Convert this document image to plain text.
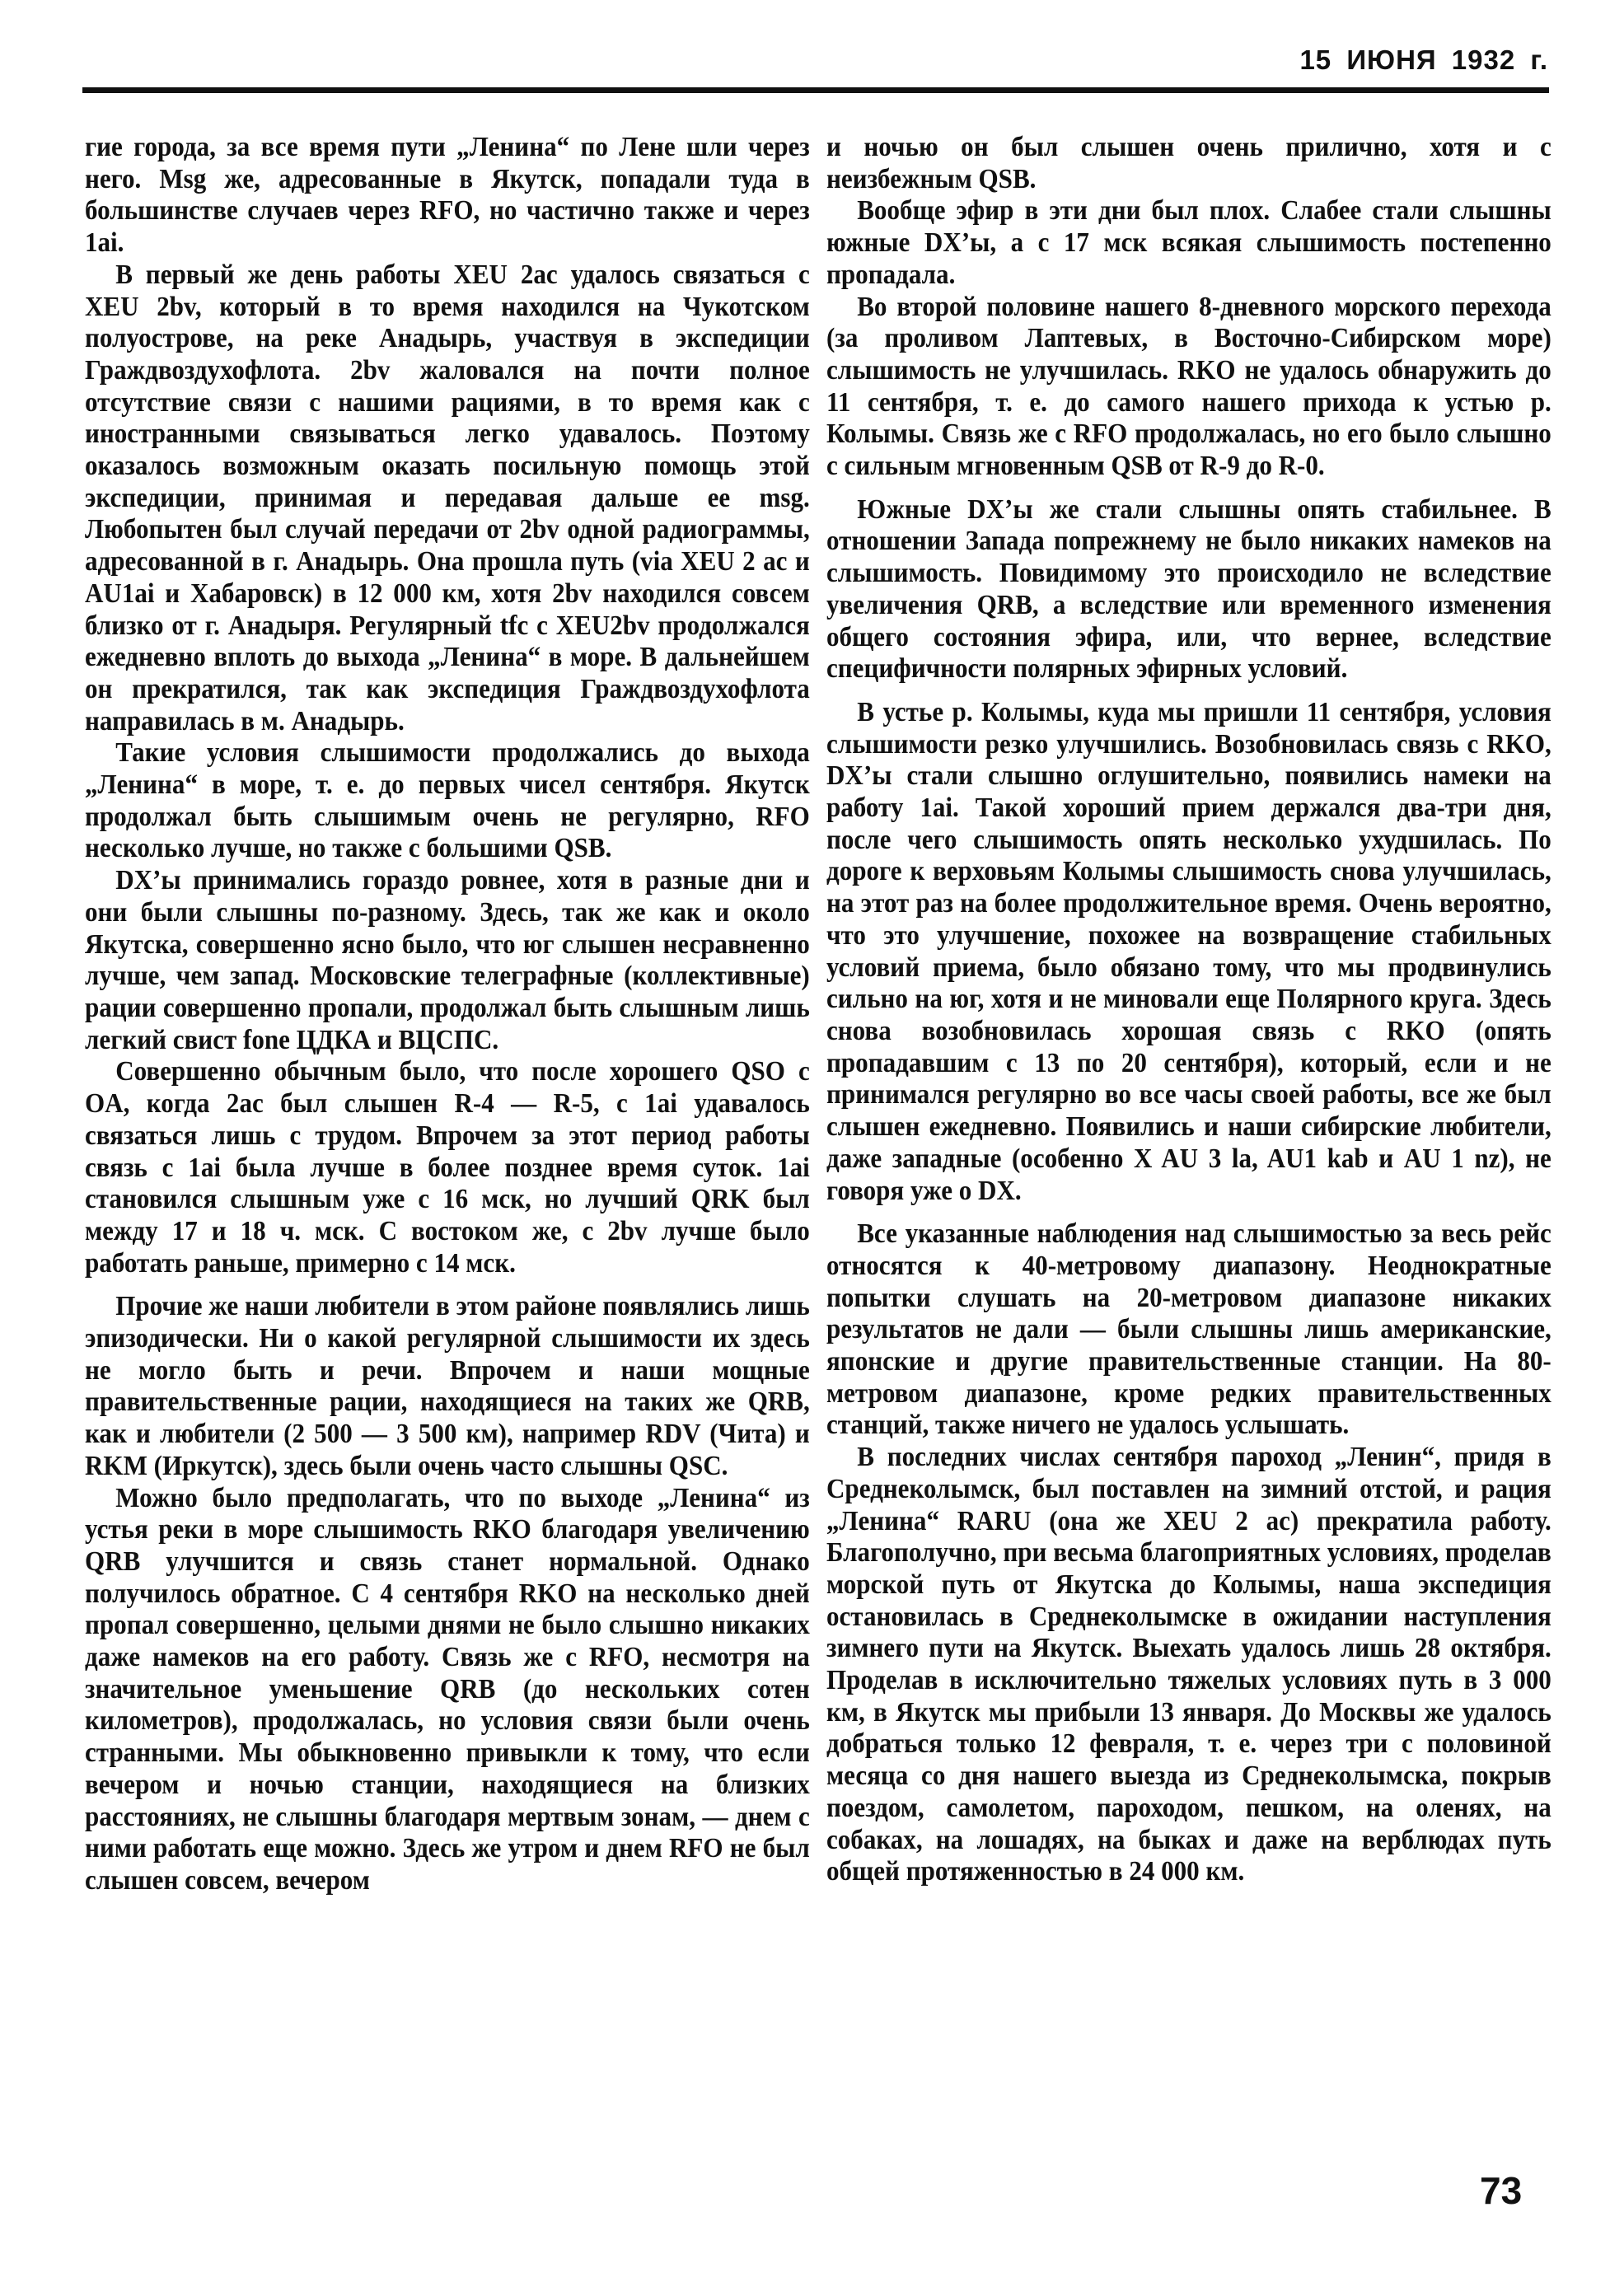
15 ИЮНЯ 1932 г.

гие города, за все время пути „Ленина“ по Лене шли через него. Msg же, адресованные в Якутск, попадали туда в большинстве случаев через RFO, но частично также и через 1ai.

В первый же день работы XEU 2ac удалось связаться с XEU 2bv, который в то время находился на Чукотском полуострове, на реке Анадырь, участвуя в экспедиции Граждвоздухофлота. 2bv жаловался на почти полное отсутствие связи с нашими рациями, в то время как с иностранными связываться легко удавалось. Поэтому оказалось возможным оказать посильную помощь этой экспедиции, принимая и передавая дальше ее msg. Любопытен был случай передачи от 2bv одной радиограммы, адресованной в г. Анадырь. Она прошла путь (via XEU 2 ac и AU1ai и Хабаровск) в 12 000 км, хотя 2bv находился совсем близко от г. Анадыря. Регулярный tfc с XEU2bv продолжался ежедневно вплоть до выхода „Ленина“ в море. В дальнейшем он прекратился, так как экспедиция Граждвоздухофлота направилась в м. Анадырь.

Такие условия слышимости продолжались до выхода „Ленина“ в море, т. е. до первых чисел сентября. Якутск продолжал быть слышимым очень не регулярно, RFO несколько лучше, но также с большими QSB.

DX’ы принимались гораздо ровнее, хотя в разные дни и они были слышны по-разному. Здесь, так же как и около Якутска, совершенно ясно было, что юг слышен несравненно лучше, чем запад. Московские телеграфные (коллективные) рации совершенно пропали, продолжал быть слышным лишь легкий свист fone ЦДКА и ВЦСПС.

Совершенно обычным было, что после хорошего QSO с OA, когда 2ac был слышен R-4 — R-5, с 1ai удавалось связаться лишь с трудом. Впрочем за этот период работы связь с 1ai была лучше в более позднее время суток. 1ai становился слышным уже с 16 мск, но лучший QRK был между 17 и 18 ч. мск. С востоком же, с 2bv лучше было работать раньше, примерно с 14 мск.

Прочие же наши любители в этом районе появлялись лишь эпизодически. Ни о какой регулярной слышимости их здесь не могло быть и речи. Впрочем и наши мощные правительственные рации, находящиеся на таких же QRB, как и любители (2 500 — 3 500 км), например RDV (Чита) и RKM (Иркутск), здесь были очень часто слышны QSC.

Можно было предполагать, что по выходе „Ленина“ из устья реки в море слышимость RKO благодаря увеличению QRB улучшится и связь станет нормальной. Однако получилось обратное. С 4 сентября RKO на несколько дней пропал совершенно, целыми днями не было слышно никаких даже намеков на его работу. Связь же с RFO, несмотря на значительное уменьшение QRB (до нескольких сотен километров), продолжалась, но условия связи были очень странными. Мы обыкновенно привыкли к тому, что если вечером и ночью станции, находящиеся на близких расстояниях, не слышны благодаря мертвым зонам, — днем с ними работать еще можно. Здесь же утром и днем RFO не был слышен совсем, вечером

и ночью он был слышен очень прилично, хотя и с неизбежным QSB.

Вообще эфир в эти дни был плох. Слабее стали слышны южные DX’ы, а с 17 мск всякая слышимость постепенно пропадала.

Во второй половине нашего 8-дневного морского перехода (за проливом Лаптевых, в Восточно-Сибирском море) слышимость не улучшилась. RKO не удалось обнаружить до 11 сентября, т. е. до самого нашего прихода к устью р. Колымы. Связь же с RFO продолжалась, но его было слышно с сильным мгновенным QSB от R-9 до R-0.

Южные DX’ы же стали слышны опять стабильнее. В отношении Запада попрежнему не было никаких намеков на слышимость. Повидимому это происходило не вследствие увеличения QRB, а вследствие или временного изменения общего состояния эфира, или, что вернее, вследствие специфичности полярных эфирных условий.

В устье р. Колымы, куда мы пришли 11 сентября, условия слышимости резко улучшились. Возобновилась связь с RKO, DX’ы стали слышно оглушительно, появились намеки на работу 1ai. Такой хороший прием держался два-три дня, после чего слышимость опять несколько ухудшилась. По дороге к верховьям Колымы слышимость снова улучшилась, на этот раз на более продолжительное время. Очень вероятно, что это улучшение, похожее на возвращение стабильных условий приема, было обязано тому, что мы продвинулись сильно на юг, хотя и не миновали еще Полярного круга. Здесь снова возобновилась хорошая связь с RKO (опять пропадавшим с 13 по 20 сентября), который, если и не принимался регулярно во все часы своей работы, все же был слышен ежедневно. Появились и наши сибирские любители, даже западные (особенно X AU 3 la, AU1 kab и AU 1 nz), не говоря уже о DX.

Все указанные наблюдения над слышимостью за весь рейс относятся к 40-метровому диапазону. Неоднократные попытки слушать на 20-метровом диапазоне никаких результатов не дали — были слышны лишь американские, японские и другие правительственные станции. На 80-метровом диапазоне, кроме редких правительственных станций, также ничего не удалось услышать.

В последних числах сентября пароход „Ленин“, придя в Среднеколымск, был поставлен на зимний отстой, и рация „Ленина“ RARU (она же XEU 2 ac) прекратила работу. Благополучно, при весьма благоприятных условиях, проделав морской путь от Якутска до Колымы, наша экспедиция остановилась в Среднеколымске в ожидании наступления зимнего пути на Якутск. Выехать удалось лишь 28 октября. Проделав в исключительно тяжелых условиях путь в 3 000 км, в Якутск мы прибыли 13 января. До Москвы же удалось добраться только 12 февраля, т. е. через три с половиной месяца со дня нашего выезда из Среднеколымска, покрыв поездом, самолетом, пароходом, пешком, на оленях, на собаках, на лошадях, на быках и даже на верблюдах путь общей протяженностью в 24 000 км.

73
